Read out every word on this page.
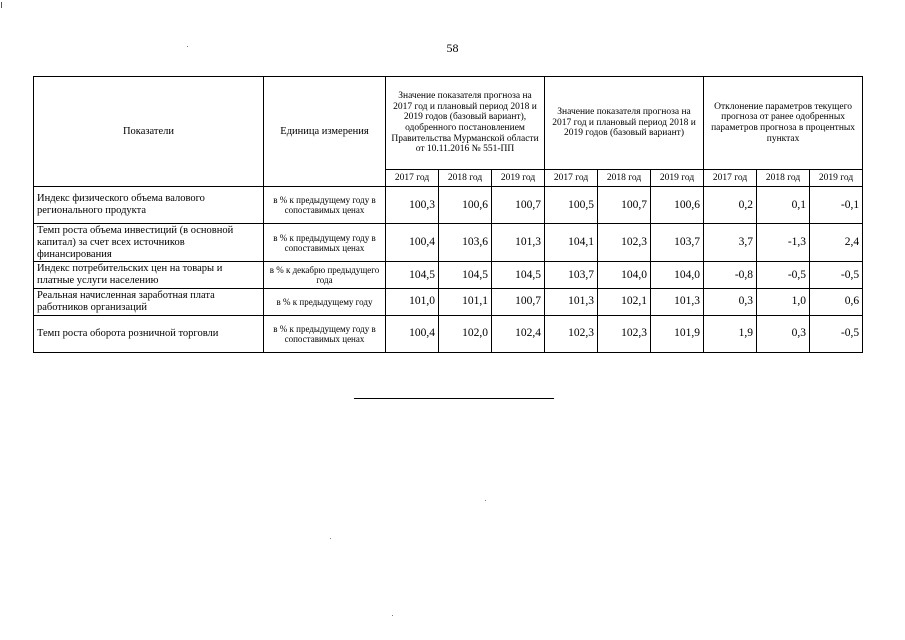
58
Показатели	Единица измерения	Значение показателя прогноза на 2017 год и плановый период 2018 и 2019 годов (базовый вариант), одобренного постановлением Правительства Мурманской области от 10.11.2016 № 551-ПП			Значение показателя прогноза на 2017 год и плановый период 2018 и 2019 годов (базовый вариант)			Отклонение параметров текущего прогноза от ранее одобренных параметров прогноза в процентных пунктах		
		2017 год	2018 год	2019 год	2017 год	2018 год	2019 год	2017 год	2018 год	2019 год
Индекс физического объема валового регионального продукта	в % к предыдущему году в сопоставимых ценах	100,3	100,6	100,7	100,5	100,7	100,6	0,2	0,1	-0,1
Темп роста объема инвестиций (в основной капитал) за счет всех источников финансирования	в % к предыдущему году в сопоставимых ценах	100,4	103,6	101,3	104,1	102,3	103,7	3,7	-1,3	2,4
Индекс потребительских цен на товары и платные услуги населению	в % к декабрю предыдущего года	104,5	104,5	104,5	103,7	104,0	104,0	-0,8	-0,5	-0,5
Реальная начисленная заработная плата работников организаций	в % к предыдущему году	101,0	101,1	100,7	101,3	102,1	101,3	0,3	1,0	0,6
Темп роста оборота розничной торговли	в % к предыдущему году в сопоставимых ценах	100,4	102,0	102,4	102,3	102,3	101,9	1,9	0,3	-0,5
